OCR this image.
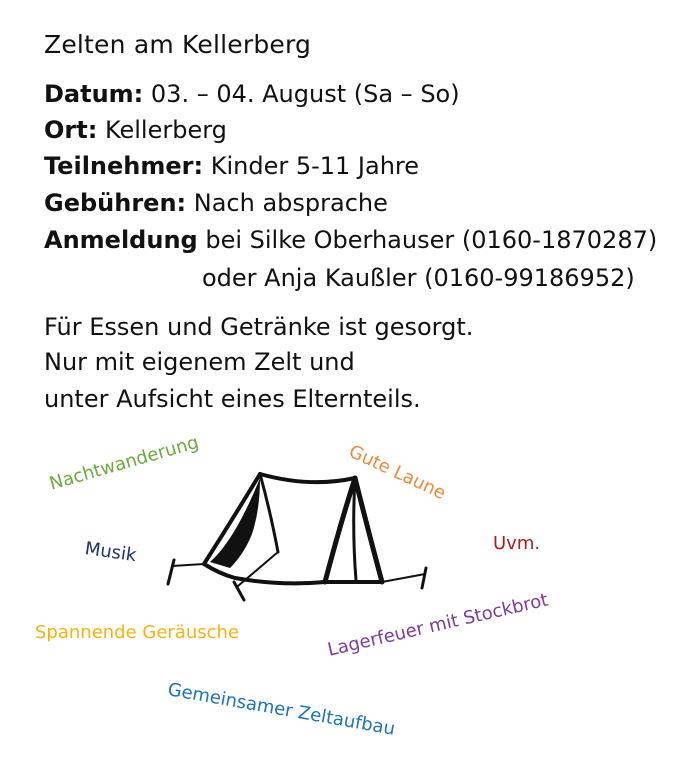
Zelten am Kellerberg
Datum: 03. – 04. August (Sa – So)
Ort: Kellerberg
Teilnehmer: Kinder 5-11 Jahre
Gebühren: Nach absprache
Anmeldung bei Silke Oberhauser (0160-1870287)
oder Anja Kaußler (0160-99186952)
Für Essen und Getränke ist gesorgt.
Nur mit eigenem Zelt und
unter Aufsicht eines Elternteils.
Nachtwanderung	Gute Laune
Musik	Uvm.
Spannende Geräusche	Lagerfeuer mit Stockbrot
Gemeinsamer Zeltaufbau
